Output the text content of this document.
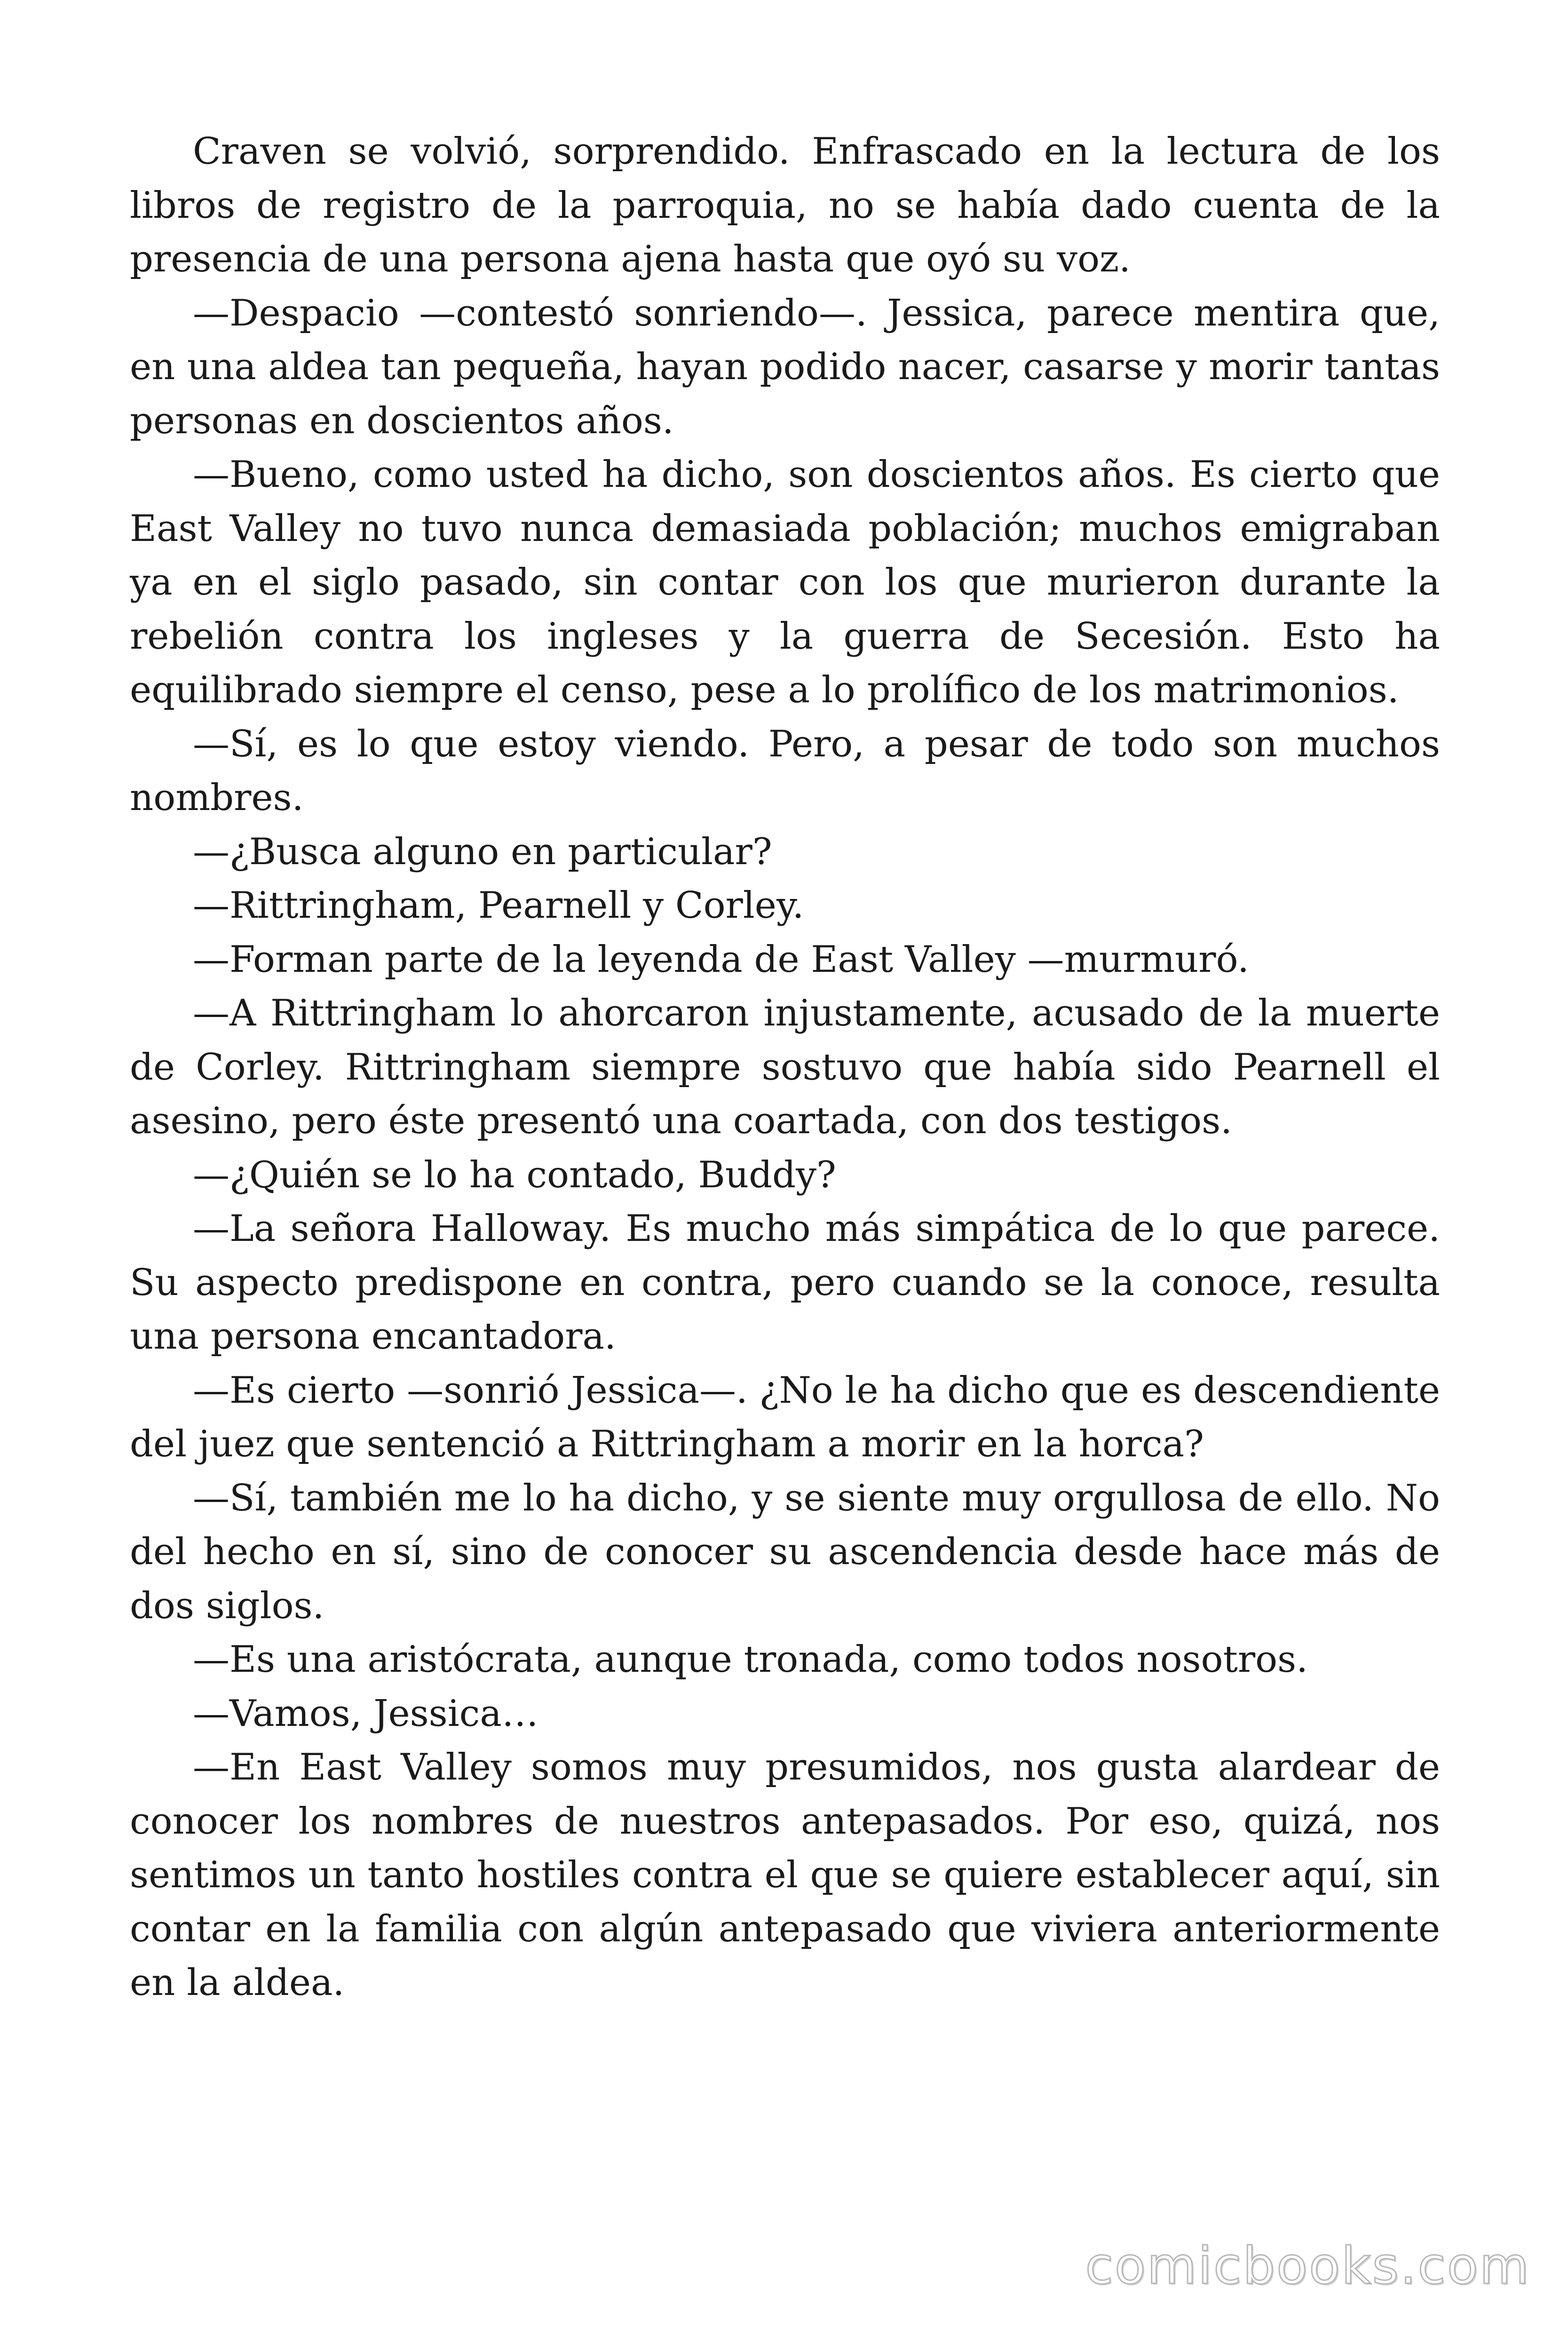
Craven se volvió, sorprendido. Enfrascado en la lectura de los libros de registro de la parroquia, no se había dado cuenta de la presencia de una persona ajena hasta que oyó su voz.

—Despacio —contestó sonriendo—. Jessica, parece mentira que, en una aldea tan pequeña, hayan podido nacer, casarse y morir tantas personas en doscientos años.

—Bueno, como usted ha dicho, son doscientos años. Es cierto que East Valley no tuvo nunca demasiada población; muchos emigraban ya en el siglo pasado, sin contar con los que murieron durante la rebelión contra los ingleses y la guerra de Secesión. Esto ha equilibrado siempre el censo, pese a lo prolífico de los matrimonios.

—Sí, es lo que estoy viendo. Pero, a pesar de todo son muchos nombres.

—¿Busca alguno en particular?

—Rittringham, Pearnell y Corley.

—Forman parte de la leyenda de East Valley —murmuró.

—A Rittringham lo ahorcaron injustamente, acusado de la muerte de Corley. Rittringham siempre sostuvo que había sido Pearnell el asesino, pero éste presentó una coartada, con dos testigos.

—¿Quién se lo ha contado, Buddy?

—La señora Halloway. Es mucho más simpática de lo que parece. Su aspecto predispone en contra, pero cuando se la conoce, resulta una persona encantadora.

—Es cierto —sonrió Jessica—. ¿No le ha dicho que es descendiente del juez que sentenció a Rittringham a morir en la horca?

—Sí, también me lo ha dicho, y se siente muy orgullosa de ello. No del hecho en sí, sino de conocer su ascendencia desde hace más de dos siglos.

—Es una aristócrata, aunque tronada, como todos nosotros.

—Vamos, Jessica…

—En East Valley somos muy presumidos, nos gusta alardear de conocer los nombres de nuestros antepasados. Por eso, quizá, nos sentimos un tanto hostiles contra el que se quiere establecer aquí, sin contar en la familia con algún antepasado que viviera anteriormente en la aldea.

comicbooks.com
